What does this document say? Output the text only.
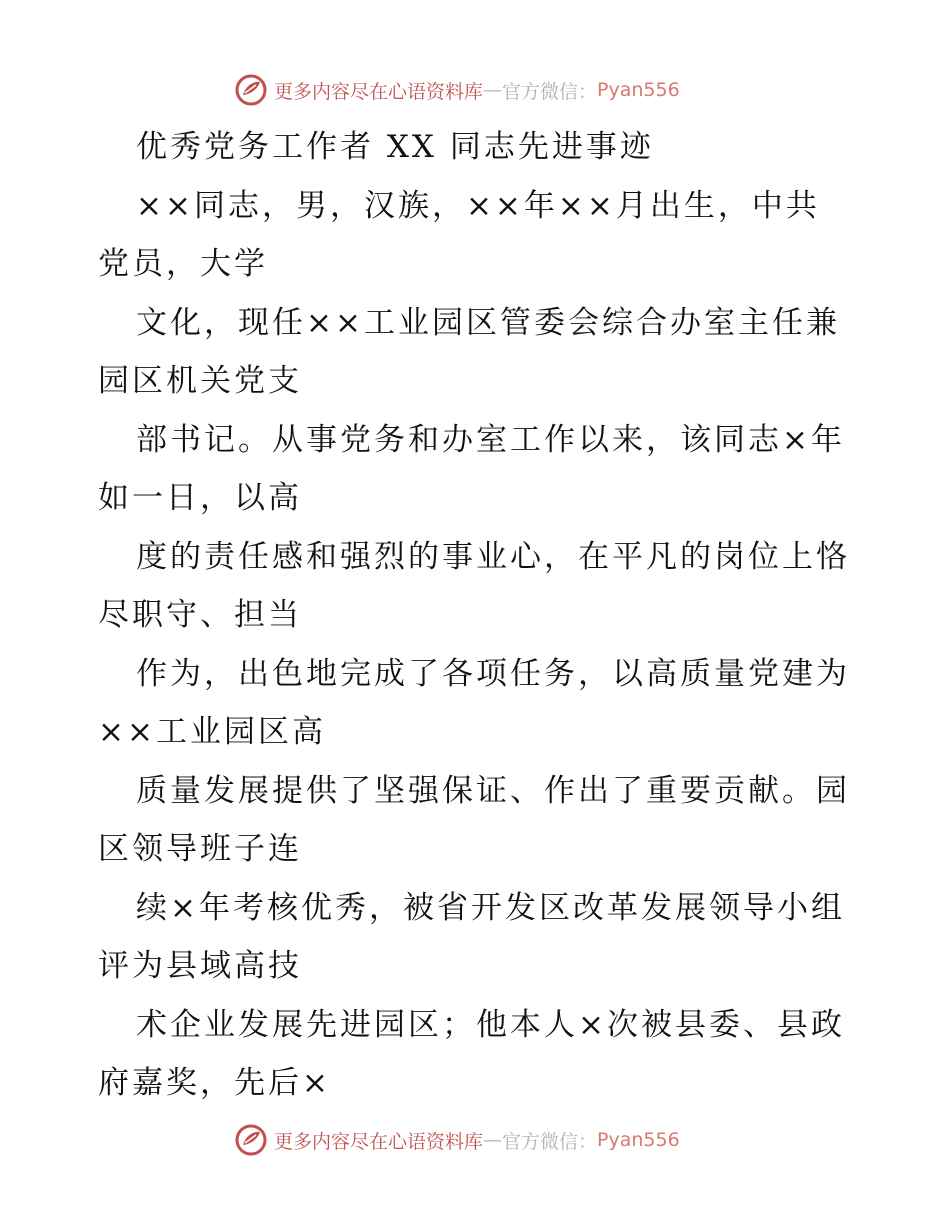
更多内容尽在心语资料库 — 官方微信： Pyan556
优秀党务工作者 XX 同志先进事迹
××同志，男，汉族，××年××月出生，中共
党员，大学
文化，现任××工业园区管委会综合办室主任兼
园区机关党支
部书记。从事党务和办室工作以来，该同志×年
如一日，以高
度的责任感和强烈的事业心，在平凡的岗位上恪
尽职守、担当
作为，出色地完成了各项任务，以高质量党建为
××工业园区高
质量发展提供了坚强保证、作出了重要贡献。园
区领导班子连
续×年考核优秀，被省开发区改革发展领导小组
评为县域高技
术企业发展先进园区；他本人×次被县委、县政
府嘉奖，先后×
更多内容尽在心语资料库 — 官方微信： Pyan556
